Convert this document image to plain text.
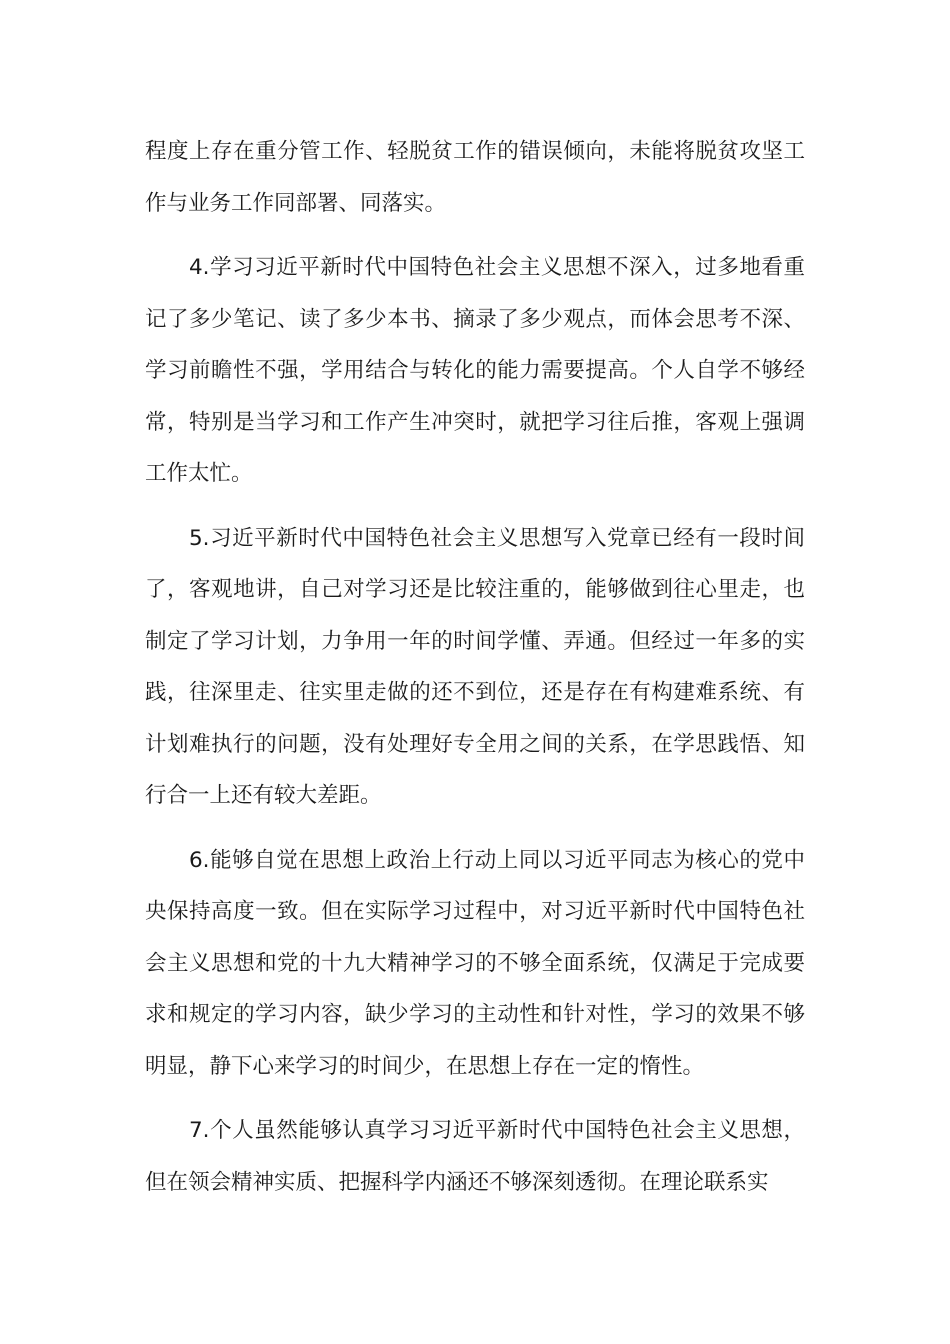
程度上存在重分管工作、轻脱贫工作的错误倾向，未能将脱贫攻坚工作与业务工作同部署、同落实。

4.学习习近平新时代中国特色社会主义思想不深入，过多地看重记了多少笔记、读了多少本书、摘录了多少观点，而体会思考不深、学习前瞻性不强，学用结合与转化的能力需要提高。个人自学不够经常，特别是当学习和工作产生冲突时，就把学习往后推，客观上强调工作太忙。

5.习近平新时代中国特色社会主义思想写入党章已经有一段时间了，客观地讲，自己对学习还是比较注重的，能够做到往心里走，也制定了学习计划，力争用一年的时间学懂、弄通。但经过一年多的实践，往深里走、往实里走做的还不到位，还是存在有构建难系统、有计划难执行的问题，没有处理好专全用之间的关系，在学思践悟、知行合一上还有较大差距。

6.能够自觉在思想上政治上行动上同以习近平同志为核心的党中央保持高度一致。但在实际学习过程中，对习近平新时代中国特色社会主义思想和党的十九大精神学习的不够全面系统，仅满足于完成要求和规定的学习内容，缺少学习的主动性和针对性，学习的效果不够明显，静下心来学习的时间少，在思想上存在一定的惰性。

7.个人虽然能够认真学习习近平新时代中国特色社会主义思想，但在领会精神实质、把握科学内涵还不够深刻透彻。在理论联系实
